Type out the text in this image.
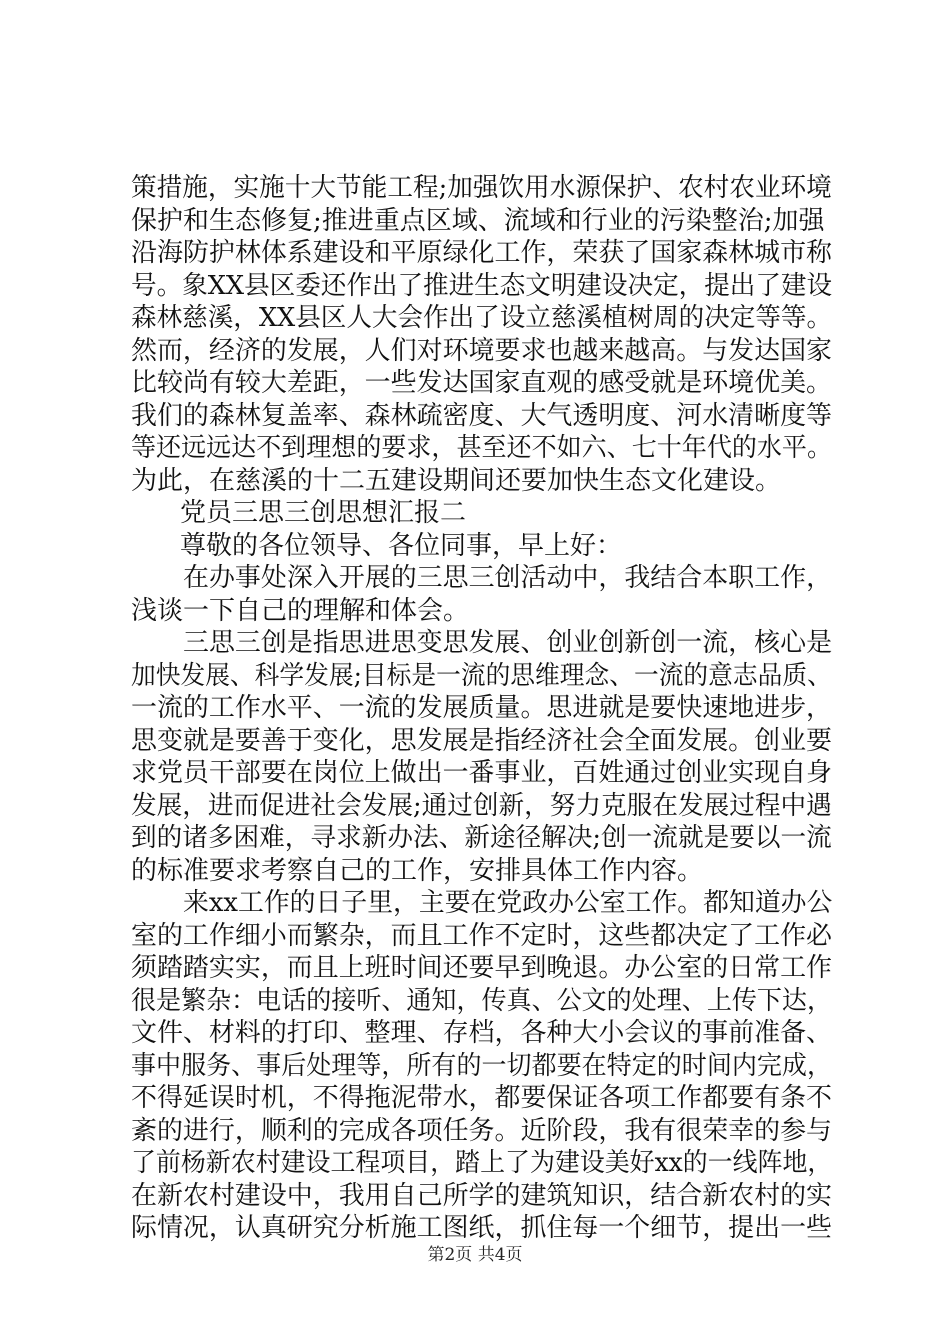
策措施，实施十大节能工程;加强饮用水源保护、农村农业环境
保护和生态修复;推进重点区域、流域和行业的污染整治;加强
沿海防护林体系建设和平原绿化工作，荣获了国家森林城市称
号。象XX县区委还作出了推进生态文明建设决定，提出了建设
森林慈溪，XX县区人大会作出了设立慈溪植树周的决定等等。
然而，经济的发展，人们对环境要求也越来越高。与发达国家
比较尚有较大差距，一些发达国家直观的感受就是环境优美。
我们的森林复盖率、森林疏密度、大气透明度、河水清晰度等
等还远远达不到理想的要求，甚至还不如六、七十年代的水平。
为此，在慈溪的十二五建设期间还要加快生态文化建设。
党员三思三创思想汇报二
尊敬的各位领导、各位同事，早上好：
在办事处深入开展的三思三创活动中，我结合本职工作，
浅谈一下自己的理解和体会。
三思三创是指思进思变思发展、创业创新创一流，核心是
加快发展、科学发展;目标是一流的思维理念、一流的意志品质、
一流的工作水平、一流的发展质量。思进就是要快速地进步，
思变就是要善于变化，思发展是指经济社会全面发展。创业要
求党员干部要在岗位上做出一番事业，百姓通过创业实现自身
发展，进而促进社会发展;通过创新，努力克服在发展过程中遇
到的诸多困难，寻求新办法、新途径解决;创一流就是要以一流
的标准要求考察自己的工作，安排具体工作内容。
来xx工作的日子里，主要在党政办公室工作。都知道办公
室的工作细小而繁杂，而且工作不定时，这些都决定了工作必
须踏踏实实，而且上班时间还要早到晚退。办公室的日常工作
很是繁杂：电话的接听、通知，传真、公文的处理、上传下达，
文件、材料的打印、整理、存档，各种大小会议的事前准备、
事中服务、事后处理等，所有的一切都要在特定的时间内完成，
不得延误时机，不得拖泥带水，都要保证各项工作都要有条不
紊的进行，顺利的完成各项任务。近阶段，我有很荣幸的参与
了前杨新农村建设工程项目，踏上了为建设美好xx的一线阵地，
在新农村建设中，我用自己所学的建筑知识，结合新农村的实
际情况，认真研究分析施工图纸，抓住每一个细节，提出一些
第2页 共4页
